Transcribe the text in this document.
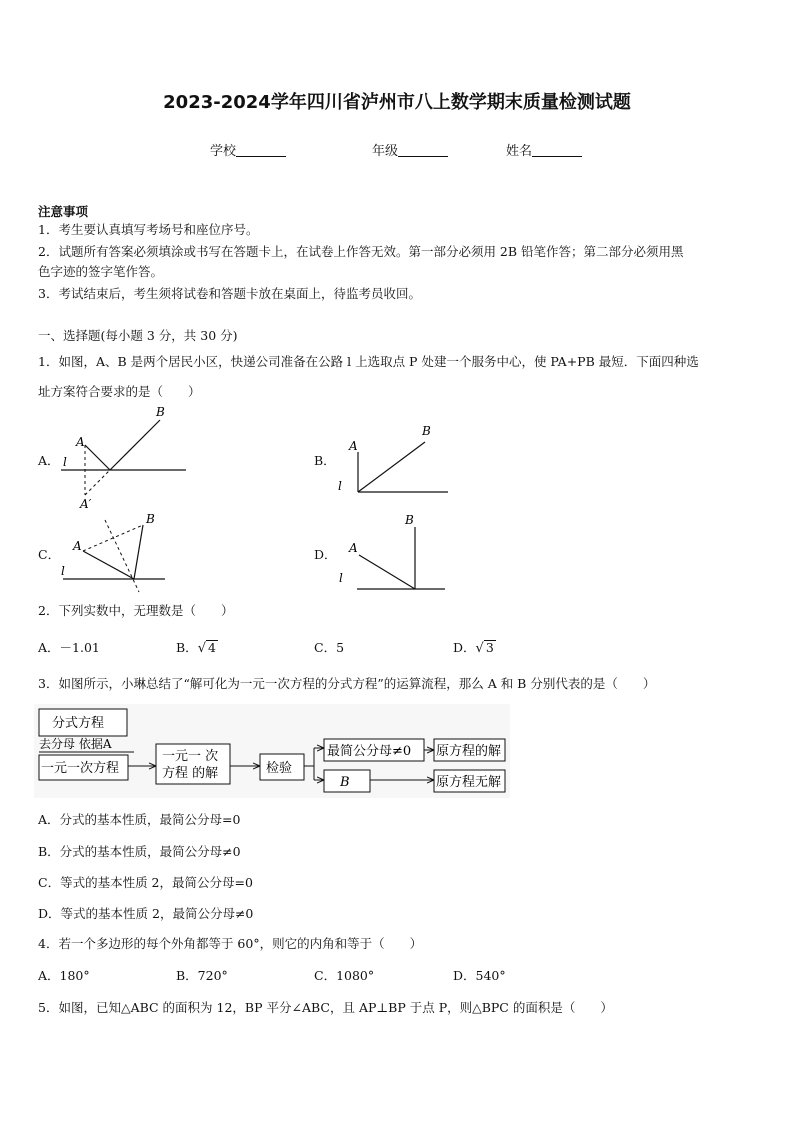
2023-2024学年四川省泸州市八上数学期末质量检测试题
学校	年级	姓名
注意事项
1．考生要认真填写考场号和座位序号。
2．试题所有答案必须填涂或书写在答题卡上，在试卷上作答无效。第一部分必须用 2B 铅笔作答；第二部分必须用黑
色字迹的签字笔作答。
3．考试结束后，考生须将试卷和答题卡放在桌面上，待监考员收回。
一、选择题(每小题 3 分，共 30 分)
1．如图，A、B 是两个居民小区，快递公司准备在公路 l 上选取点 P 处建一个服务中心，使 PA+PB 最短．下面四种选
址方案符合要求的是（　　）
A．	B．
C．	D．
A
B
l
A′
A
B
l
A
B
l
A
B
l
2．下列实数中，无理数是（　　）
A．－1.01	B．√ 4	C．5	D．√ 3
3．如图所示，小琳总结了“解可化为一元一次方程的分式方程”的运算流程，那么 A 和 B 分别代表的是（　　）
分式方程
去分母 依据A
一元一次方程
一元一 次
方程 的解	检验
最简公分母≠0 原方程的解
B	原方程无解
A．分式的基本性质，最简公分母=0
B．分式的基本性质，最简公分母≠0
C．等式的基本性质 2，最简公分母=0
D．等式的基本性质 2，最简公分母≠0
4．若一个多边形的每个外角都等于 60°，则它的内角和等于（　　）
A．180°	B．720°	C．1080°	D．540°
5．如图，已知△ABC 的面积为 12，BP 平分∠ABC，且 AP⊥BP 于点 P，则△BPC 的面积是（　　）
